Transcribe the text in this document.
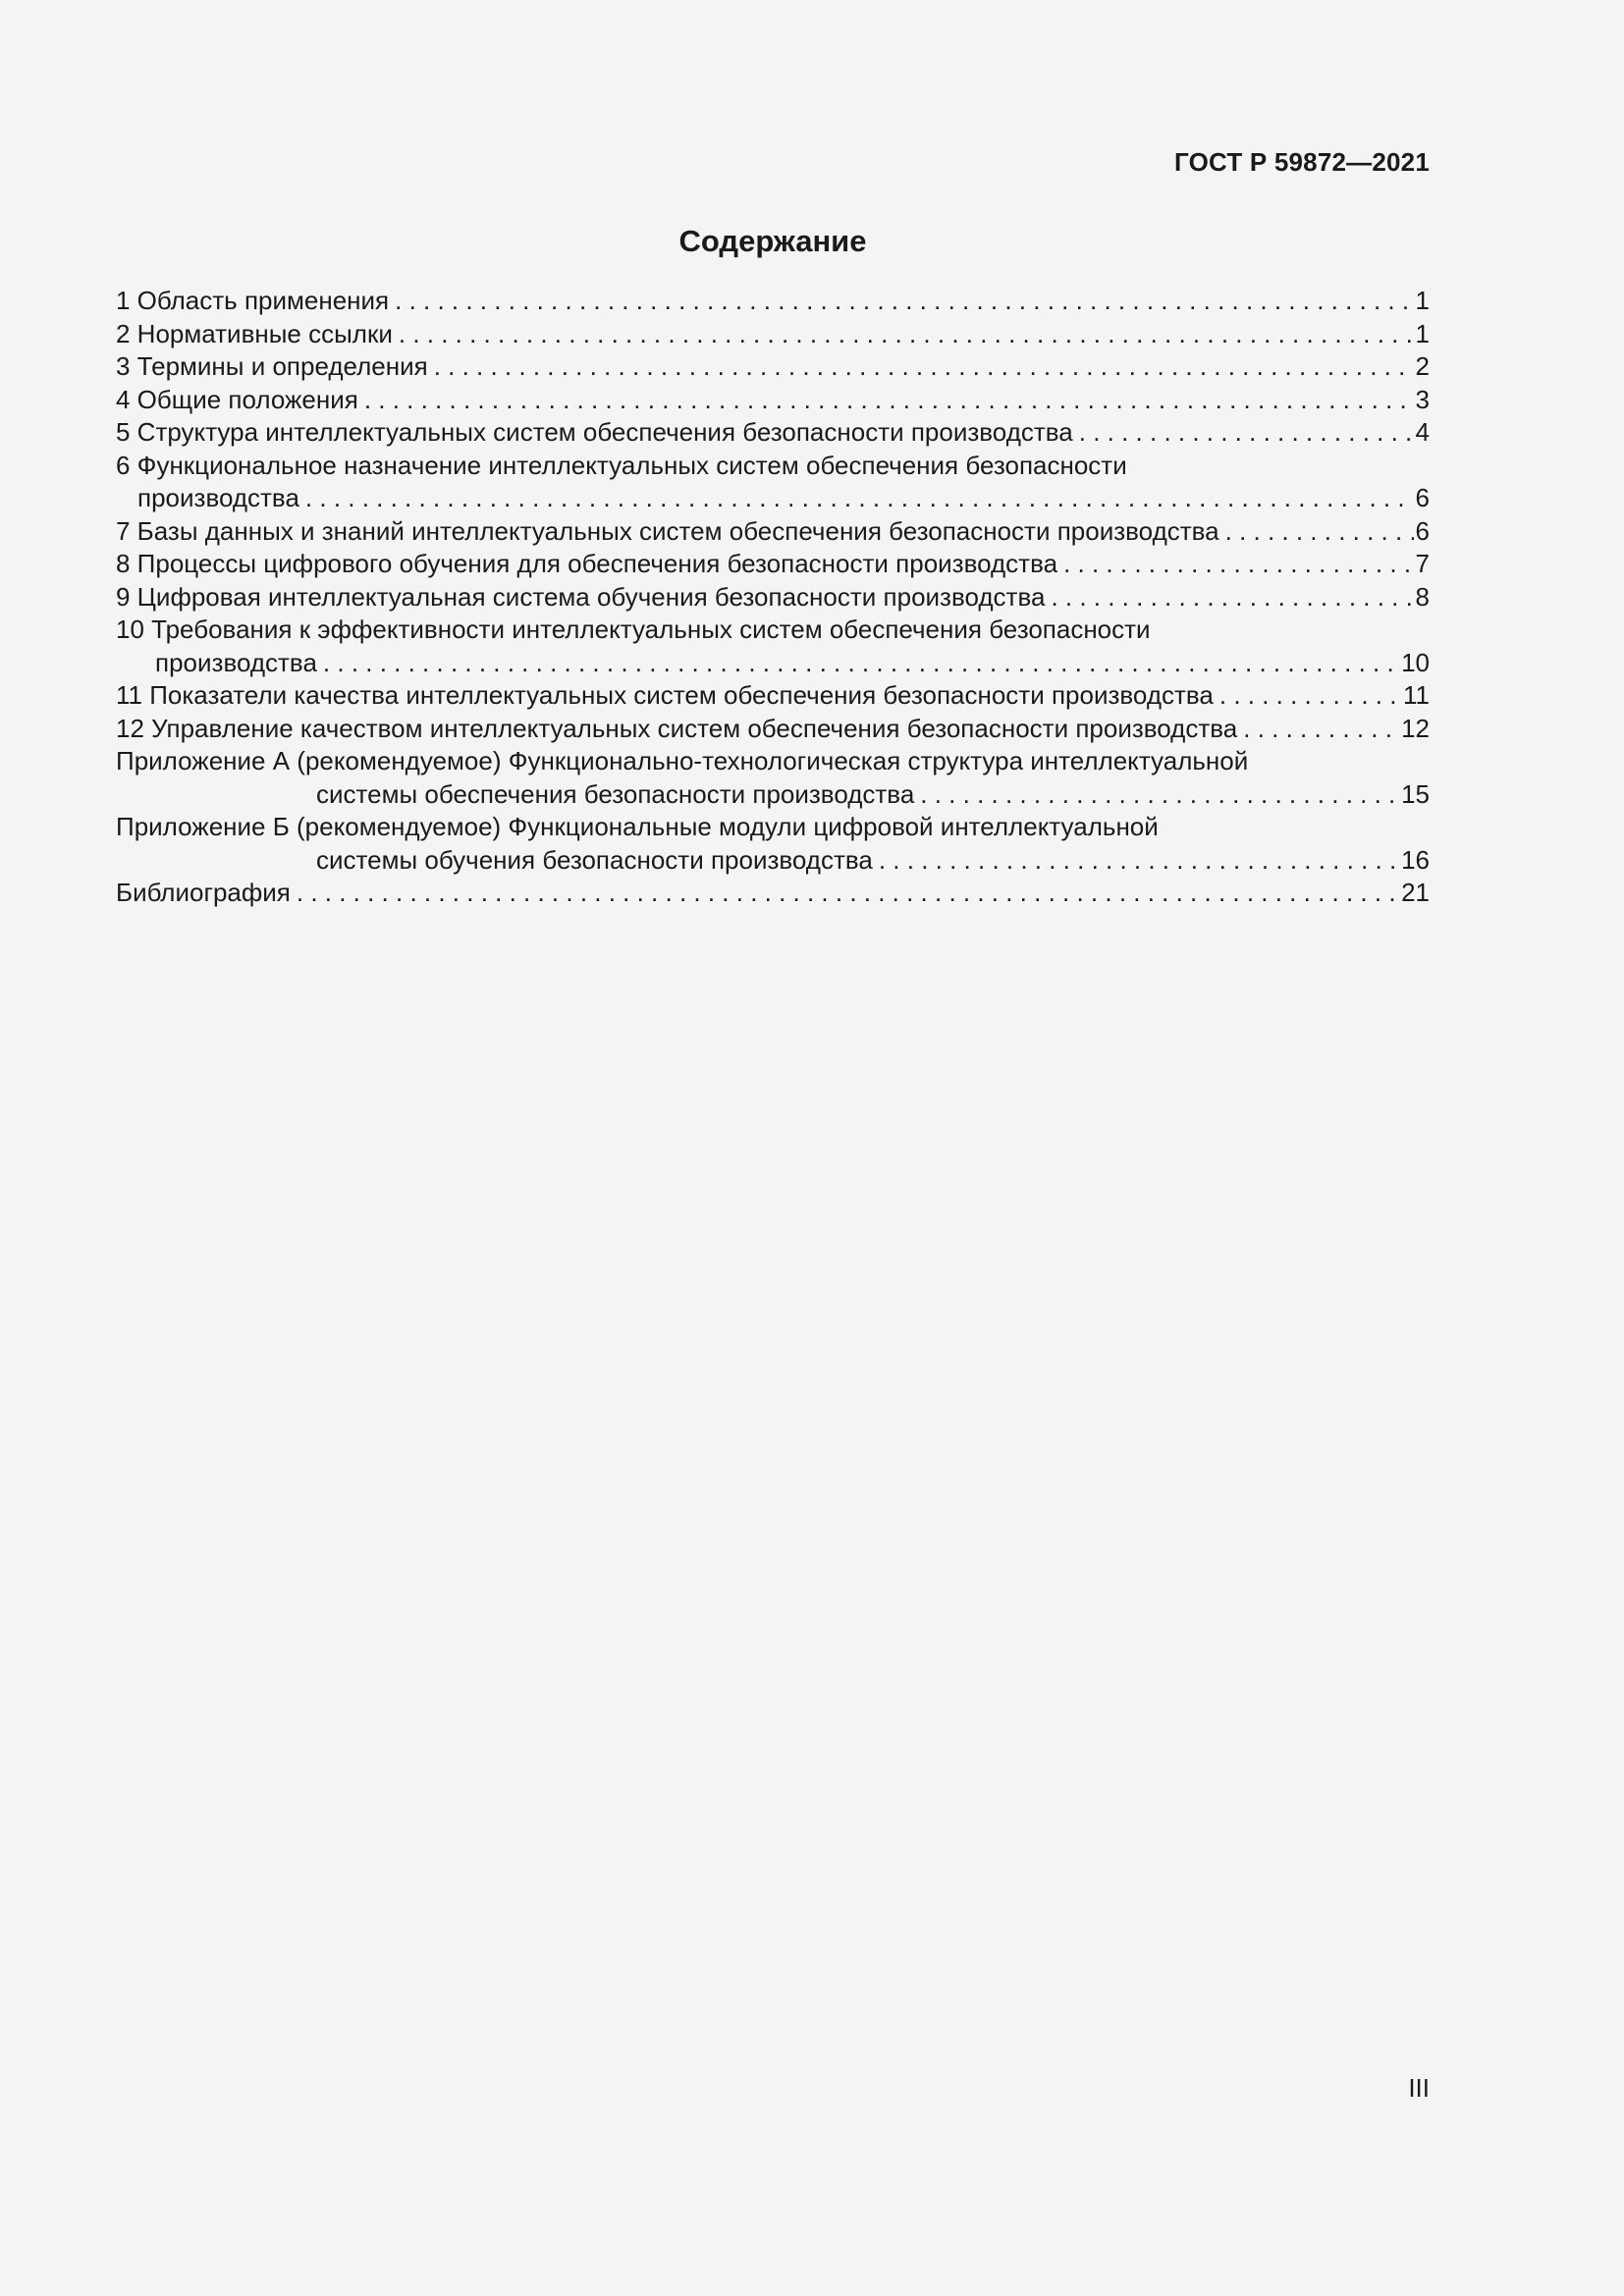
ГОСТ Р 59872—2021
Содержание
1 Область применения . . .	1
2 Нормативные ссылки . . .	1
3 Термины и определения . . .	2
4 Общие положения . . .	3
5 Структура интеллектуальных систем обеспечения безопасности производства . . .	4
6 Функциональное назначение интеллектуальных систем обеспечения безопасности
производства . . .	6
7 Базы данных и знаний интеллектуальных систем обеспечения безопасности производства . . .	6
8 Процессы цифрового обучения для обеспечения безопасности производства . . .	7
9 Цифровая интеллектуальная система обучения безопасности производства . . .	8
10 Требования к эффективности интеллектуальных систем обеспечения безопасности
производства . . .	10
11 Показатели качества интеллектуальных систем обеспечения безопасности производства . . .	11
12 Управление качеством интеллектуальных систем обеспечения безопасности производства . . .	12
Приложение А (рекомендуемое) Функционально-технологическая структура интеллектуальной
системы обеспечения безопасности производства . . .	15
Приложение Б (рекомендуемое) Функциональные модули цифровой интеллектуальной
системы обучения безопасности производства . . .	16
Библиография . . .	21
III
